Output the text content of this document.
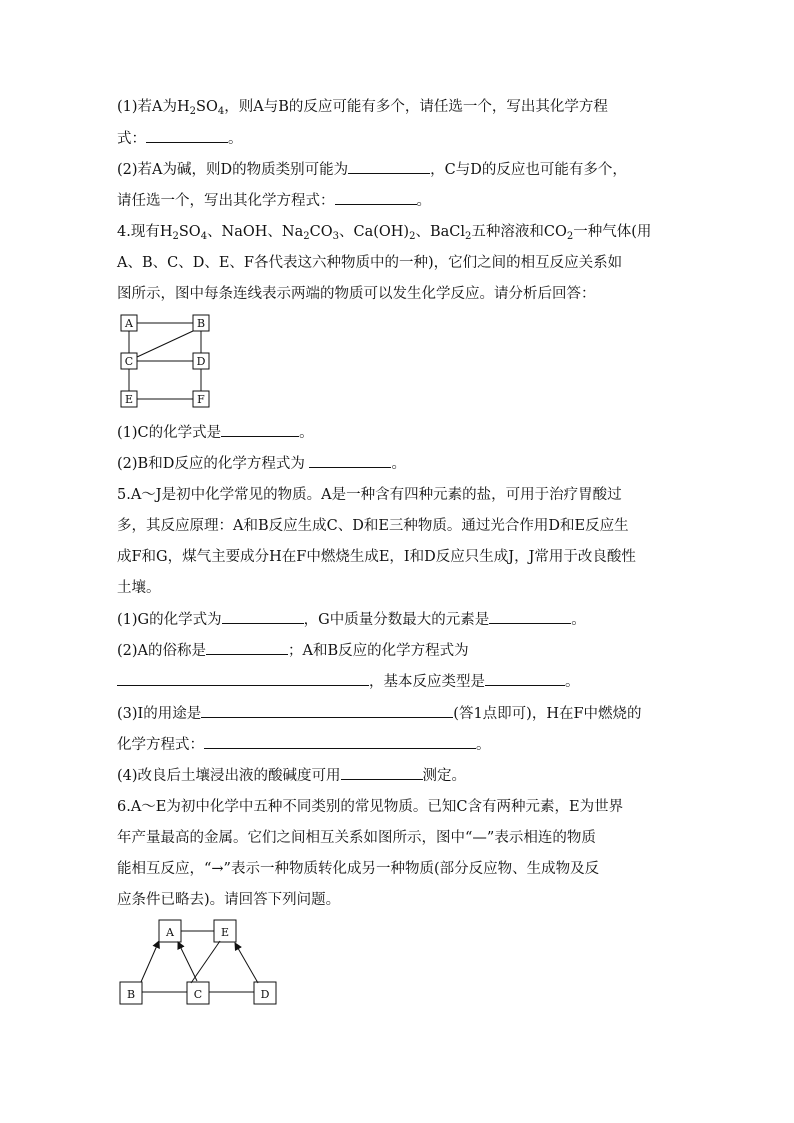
(1)若A为$H_2SO_4$，则A与B的反应可能有多个，请任选一个，写出其化学方程
式：	。
(2)若A为碱，则D的物质类别可能为	，C与D的反应也可能有多个，
请任选一个，写出其化学方程式：	。
4.现有$H_2SO_4$、NaOH、$Na_2CO_3$、$Ca(OH)_2$、BaCl$_2$五种溶液和$CO_2$一种气体(用
A、B、C、D、E、F各代表这六种物质中的一种)，它们之间的相互反应关系如
图所示，图中每条连线表示两端的物质可以发生化学反应。请分析后回答：
A	B
C	D
E	F
(1)C的化学式是	。
(2)B和D反应的化学方程式为	。
5.A～J是初中化学常见的物质。A是一种含有四种元素的盐，可用于治疗胃酸过
多，其反应原理：A和B反应生成C、D和E三种物质。通过光合作用D和E反应生
成F和G，煤气主要成分H在F中燃烧生成E，I和D反应只生成J，J常用于改良酸性
土壤。
(1)G的化学式为	，G中质量分数最大的元素是	。
(2)A的俗称是	；A和B反应的化学方程式为
，基本反应类型是	。
(3)I的用途是	(答1点即可)，H在F中燃烧的
化学方程式：	。
(4)改良后土壤浸出液的酸碱度可用	测定。
6.A～E为初中化学中五种不同类别的常见物质。已知C含有两种元素，E为世界
年产量最高的金属。它们之间相互关系如图所示，图中“—”表示相连的物质
能相互反应，“→”表示一种物质转化成另一种物质(部分反应物、生成物及反
应条件已略去)。请回答下列问题。
A	E
B	C	D
